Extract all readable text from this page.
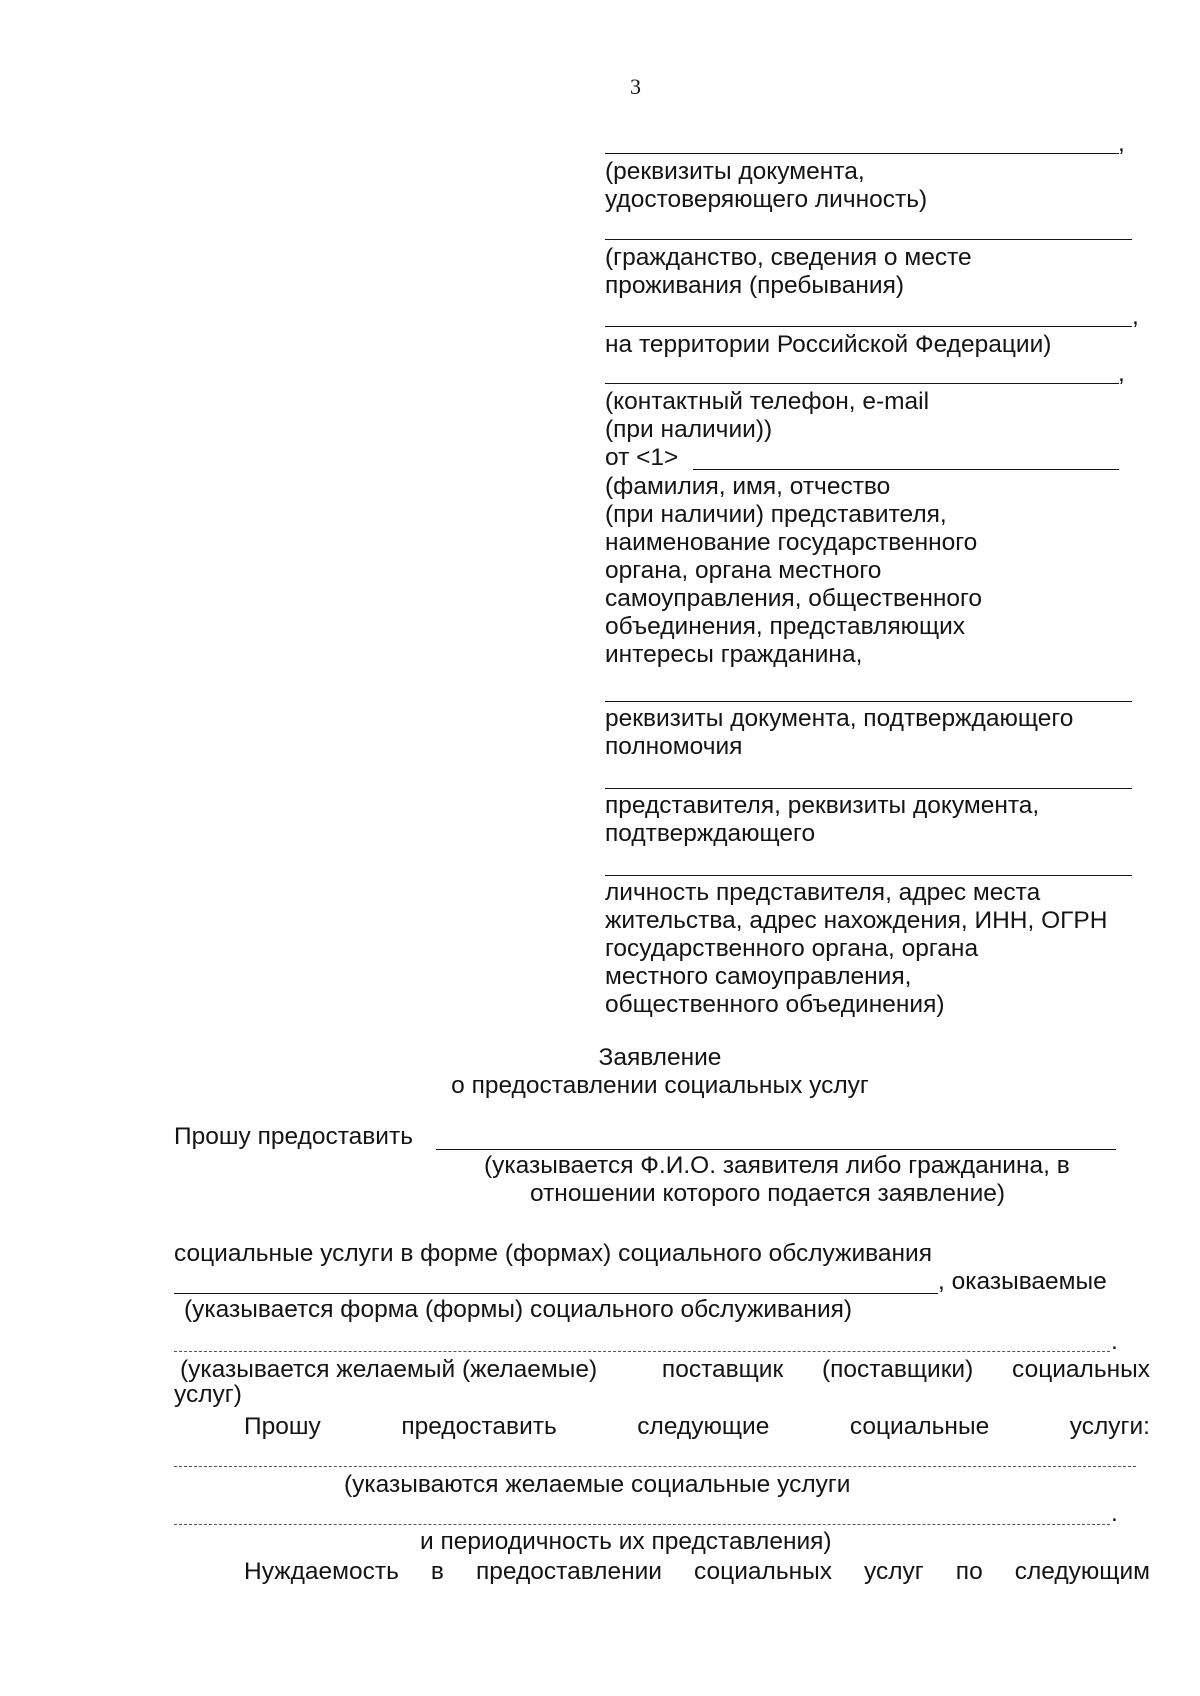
3
,
(реквизиты документа,
удостоверяющего личность)
(гражданство, сведения о месте
проживания (пребывания)
,
на территории Российской Федерации)
,
(контактный телефон, e-mail
(при наличии))
от <1>
(фамилия, имя, отчество
(при наличии) представителя,
наименование государственного
органа, органа местного
самоуправления, общественного
объединения, представляющих
интересы гражданина,
реквизиты документа, подтверждающего
полномочия
представителя, реквизиты документа,
подтверждающего
личность представителя, адрес места
жительства, адрес нахождения, ИНН, ОГРН
государственного органа, органа
местного самоуправления,
общественного объединения)
Заявление
о предоставлении социальных услуг
Прошу предоставить
(указывается Ф.И.О. заявителя либо гражданина, в
отношении которого подается заявление)
социальные услуги в форме (формах) социального обслуживания
, оказываемые
(указывается форма (формы) социального обслуживания)
.
(указывается желаемый (желаемые)	поставщик (поставщики) социальных
услуг)
Прошу	предоставить	следующие	социальные	услуги:
(указываются желаемые социальные услуги
.
и периодичность их представления)
Нуждаемость в предоставлении социальных услуг по следующим
